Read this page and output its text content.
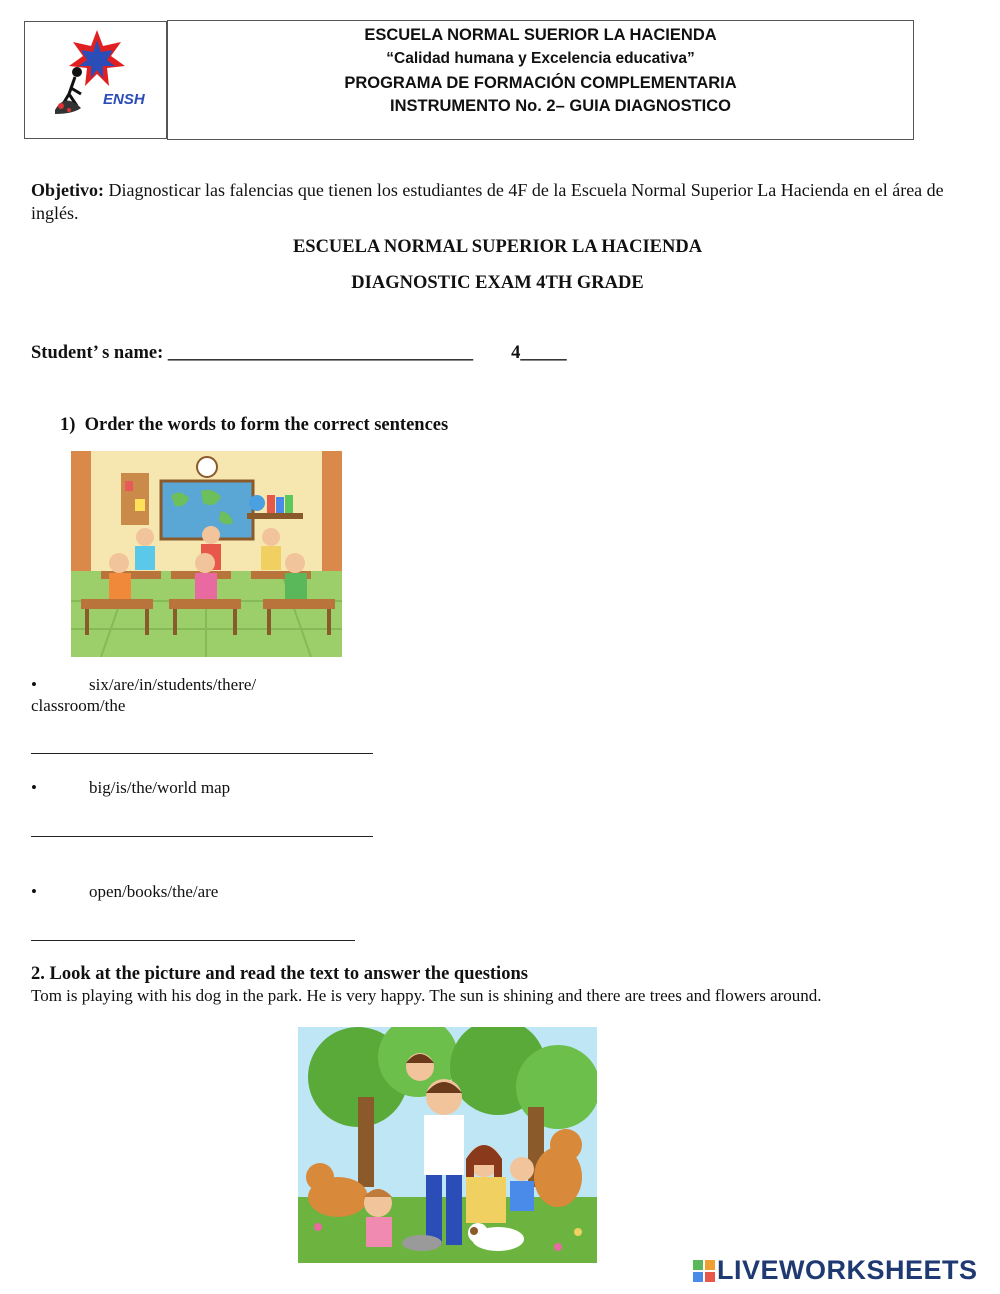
ENSH
ESCUELA NORMAL SUERIOR LA HACIENDA
“Calidad humana y Excelencia educativa”
PROGRAMA DE FORMACIÓN COMPLEMENTARIA
INSTRUMENTO No. 2– GUIA DIAGNOSTICO
Objetivo: Diagnosticar las falencias que tienen los estudiantes de 4F de la Escuela Normal Superior La Hacienda en el área de inglés.
ESCUELA NORMAL SUPERIOR LA HACIENDA
DIAGNOSTIC EXAM 4TH GRADE
Student’ s name: _________________________________ 4_____
1) Order the words to form the correct sentences
•	six/are/in/students/there/
classroom/the
•	big/is/the/world map
•	open/books/the/are
2. Look at the picture and read the text to answer the questions
Tom is playing with his dog in the park. He is very happy. The sun is shining and there are trees and flowers around.
LIVEWORKSHEETS
